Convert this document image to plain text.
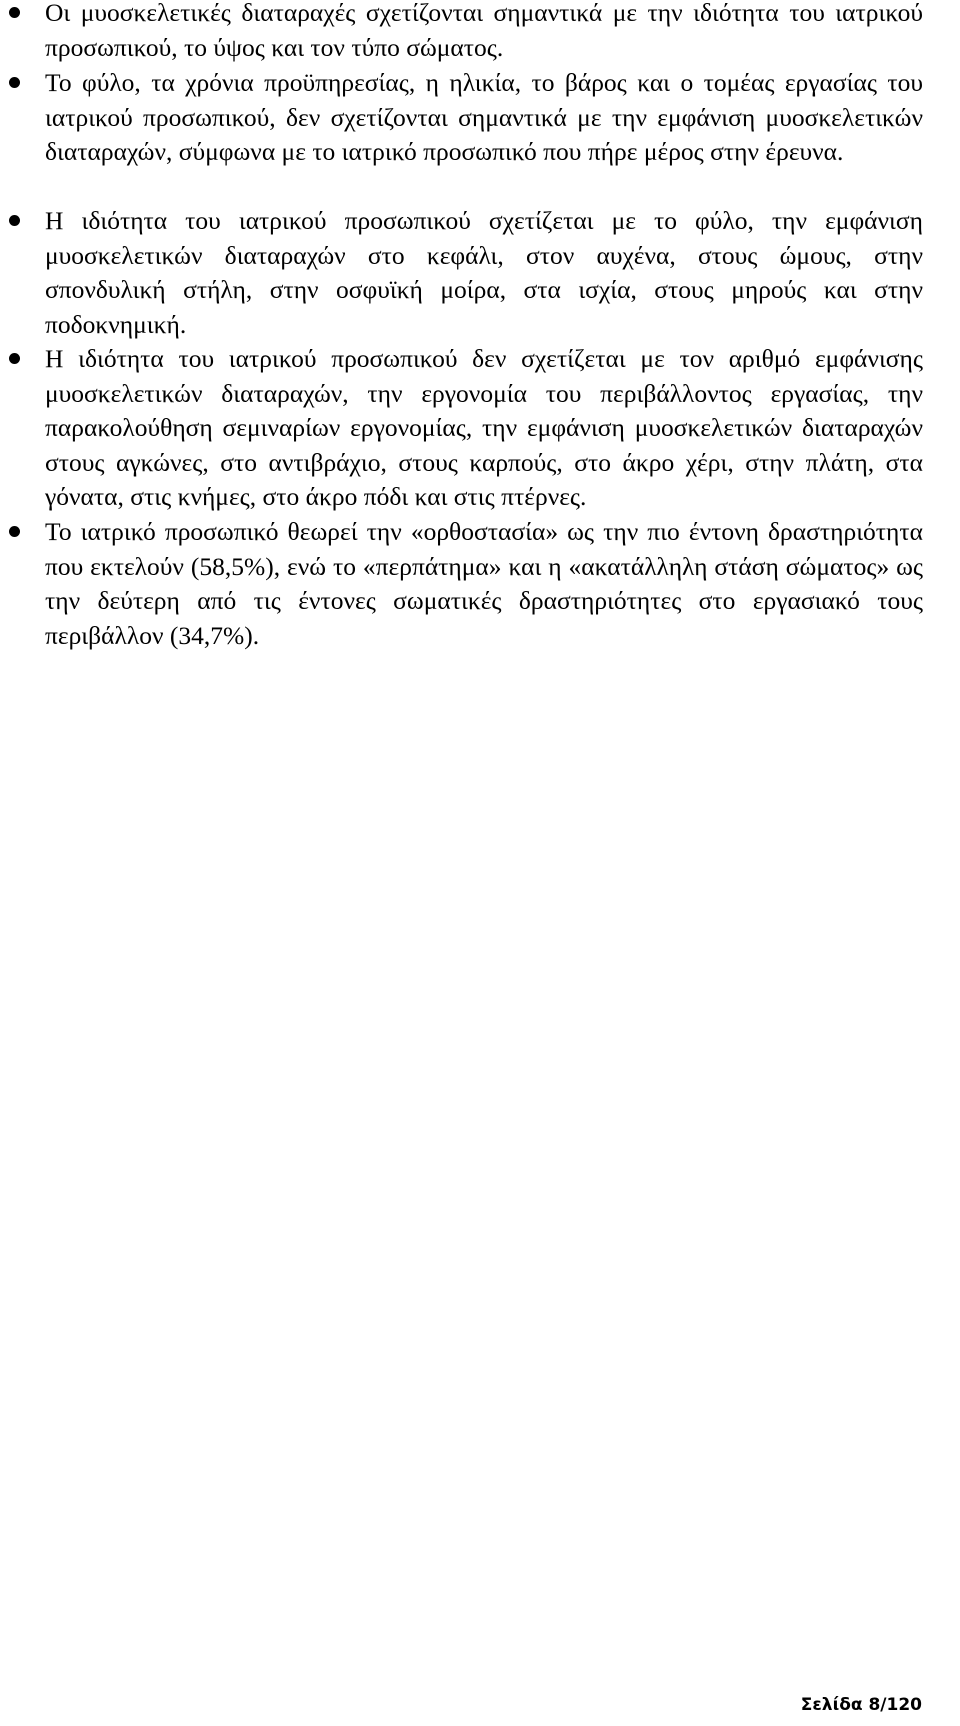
Οι μυοσκελετικές διαταραχές σχετίζονται σημαντικά με την ιδιότητα του ιατρικού προσωπικού, το ύψος και τον τύπο σώματος.
Το φύλο, τα χρόνια προϋπηρεσίας, η ηλικία, το βάρος και ο τομέας εργασίας του ιατρικού προσωπικού, δεν σχετίζονται σημαντικά με την εμφάνιση μυοσκελετικών διαταραχών, σύμφωνα με το ιατρικό προσωπικό που πήρε μέρος στην έρευνα.
Η ιδιότητα του ιατρικού προσωπικού σχετίζεται με το φύλο, την εμφάνιση μυοσκελετικών διαταραχών στο κεφάλι, στον αυχένα, στους ώμους, στην σπονδυλική στήλη, στην οσφυϊκή μοίρα, στα ισχία, στους μηρούς και στην ποδοκνημική.
Η ιδιότητα του ιατρικού προσωπικού δεν σχετίζεται με τον αριθμό εμφάνισης μυοσκελετικών διαταραχών, την εργονομία του περιβάλλοντος εργασίας, την παρακολούθηση σεμιναρίων εργονομίας, την εμφάνιση μυοσκελετικών διαταραχών στους αγκώνες, στο αντιβράχιο, στους καρπούς, στο άκρο χέρι, στην πλάτη, στα γόνατα, στις κνήμες, στο άκρο πόδι και στις πτέρνες.
Το ιατρικό προσωπικό θεωρεί την «ορθοστασία» ως την πιο έντονη δραστηριότητα που εκτελούν (58,5%), ενώ το «περπάτημα» και η «ακατάλληλη στάση σώματος» ως την δεύτερη από τις έντονες σωματικές δραστηριότητες στο εργασιακό τους περιβάλλον (34,7%).
Σελίδα 8/120
